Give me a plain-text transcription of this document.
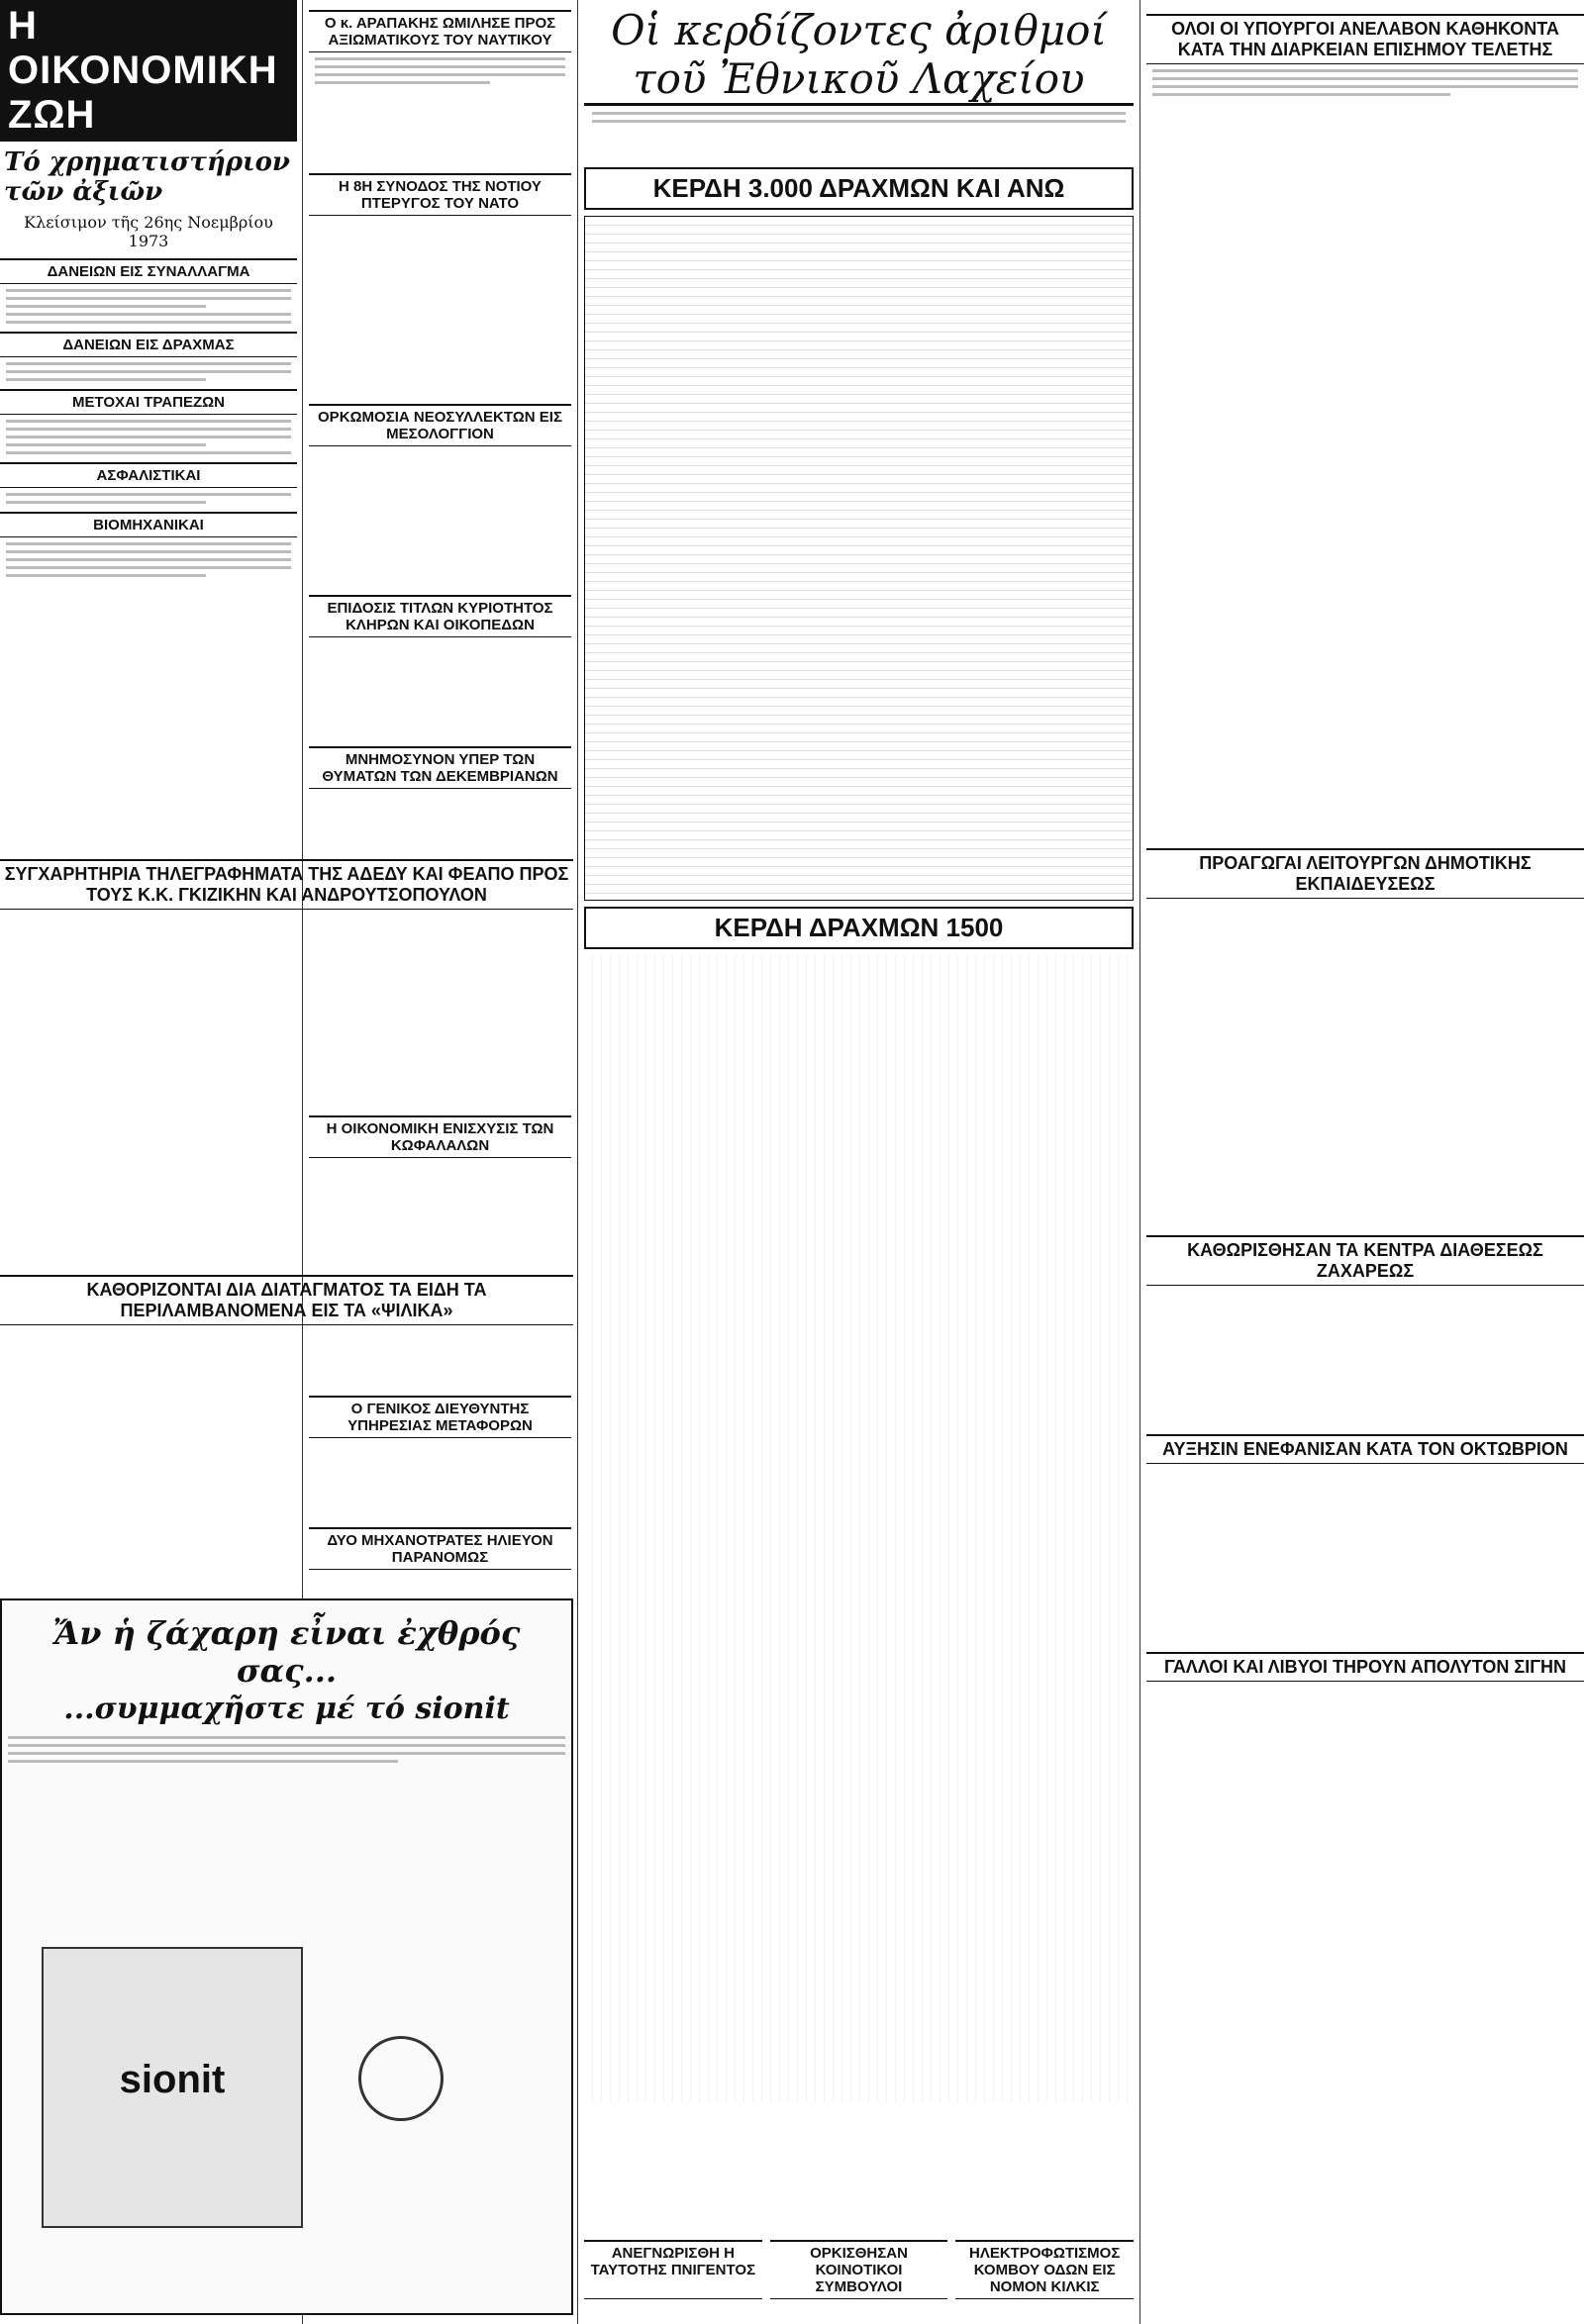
Η ΟΙΚΟΝΟΜΙΚΗ ΖΩΗ
Τό χρηματιστήριον τῶν ἀξιῶν
Κλείσιμον τῆς 26ης Νοεμβρίου 1973
ΔΑΝΕΙΩΝ ΕΙΣ ΣΥΝΑΛΛΑΓΜΑ
ΔΑΝΕΙΩΝ ΕΙΣ ΔΡΑΧΜΑΣ
ΜΕΤΟΧΑΙ ΤΡΑΠΕΖΩΝ
ΑΣΦΑΛΙΣΤΙΚΑΙ
ΒΙΟΜΗΧΑΝΙΚΑΙ
ΣΥΓΧΑΡΗΤΗΡΙΑ ΤΗΛΕΓΡΑΦΗΜΑΤΑ ΤΗΣ ΑΔΕΔΥ ΚΑΙ ΦΕΑΠΟ ΠΡΟΣ ΤΟΥΣ Κ.Κ. ΓΚΙΖΙΚΗΝ ΚΑΙ ΑΝΔΡΟΥΤΣΟΠΟΥΛΟΝ
ΚΑΘΟΡΙΖΟΝΤΑΙ ΔΙΑ ΔΙΑΤΑΓΜΑΤΟΣ ΤΑ ΕΙΔΗ ΤΑ ΠΕΡΙΛΑΜΒΑΝΟΜΕΝΑ ΕΙΣ ΤΑ «ΨΙΛΙΚΑ»
Ο κ. ΑΡΑΠΑΚΗΣ ΩΜΙΛΗΣΕ ΠΡΟΣ ΑΞΙΩΜΑΤΙΚΟΥΣ ΤΟΥ ΝΑΥΤΙΚΟΥ
Η 8Η ΣΥΝΟΔΟΣ ΤΗΣ ΝΟΤΙΟΥ ΠΤΕΡΥΓΟΣ ΤΟΥ ΝΑΤΟ
ΟΡΚΩΜΟΣΙΑ ΝΕΟΣΥΛΛΕΚΤΩΝ ΕΙΣ ΜΕΣΟΛΟΓΓΙΟΝ
ΕΠΙΔΟΣΙΣ ΤΙΤΛΩΝ ΚΥΡΙΟΤΗΤΟΣ ΚΛΗΡΩΝ ΚΑΙ ΟΙΚΟΠΕΔΩΝ
ΜΝΗΜΟΣΥΝΟΝ ΥΠΕΡ ΤΩΝ ΘΥΜΑΤΩΝ ΤΩΝ ΔΕΚΕΜΒΡΙΑΝΩΝ
Η ΟΙΚΟΝΟΜΙΚΗ ΕΝΙΣΧΥΣΙΣ ΤΩΝ ΚΩΦΑΛΑΛΩΝ
Ο ΓΕΝΙΚΟΣ ΔΙΕΥΘΥΝΤΗΣ ΥΠΗΡΕΣΙΑΣ ΜΕΤΑΦΟΡΩΝ
ΔΥΟ ΜΗΧΑΝΟΤΡΑΤΕΣ ΗΛΙΕΥΟΝ ΠΑΡΑΝΟΜΩΣ
Οἱ κερδίζοντες ἀριθμοί τοῦ Ἐθνικοῦ Λαχείου
ΚΕΡΔΗ 3.000 ΔΡΑΧΜΩΝ ΚΑΙ ΑΝΩ
ΚΕΡΔΗ ΔΡΑΧΜΩΝ 1500
ΑΝΕΓΝΩΡΙΣΘΗ Η ΤΑΥΤΟΤΗΣ ΠΝΙΓΕΝΤΟΣ
ΟΡΚΙΣΘΗΣΑΝ ΚΟΙΝΟΤΙΚΟΙ ΣΥΜΒΟΥΛΟΙ
ΗΛΕΚΤΡΟΦΩΤΙΣΜΟΣ ΚΟΜΒΟΥ ΟΔΩΝ ΕΙΣ ΝΟΜΟΝ ΚΙΛΚΙΣ
ΟΛΟΙ ΟΙ ΥΠΟΥΡΓΟΙ ΑΝΕΛΑΒΟΝ ΚΑΘΗΚΟΝΤΑ ΚΑΤΑ ΤΗΝ ΔΙΑΡΚΕΙΑΝ ΕΠΙΣΗΜΟΥ ΤΕΛΕΤΗΣ
ΠΡΟΑΓΩΓΑΙ ΛΕΙΤΟΥΡΓΩΝ ΔΗΜΟΤΙΚΗΣ ΕΚΠΑΙΔΕΥΣΕΩΣ
ΚΑΘΩΡΙΣΘΗΣΑΝ ΤΑ ΚΕΝΤΡΑ ΔΙΑΘΕΣΕΩΣ ΖΑΧΑΡΕΩΣ
ΑΥΞΗΣΙΝ ΕΝΕΦΑΝΙΣΑΝ ΚΑΤΑ ΤΟΝ ΟΚΤΩΒΡΙΟΝ
ΓΑΛΛΟΙ ΚΑΙ ΛΙΒΥΟΙ ΤΗΡΟΥΝ ΑΠΟΛΥΤΟΝ ΣΙΓΗΝ
Ἄν ἡ ζάχαρη εἶναι ἐχθρός σας...
...συμμαχῆστε μέ τό sionit
sionit
